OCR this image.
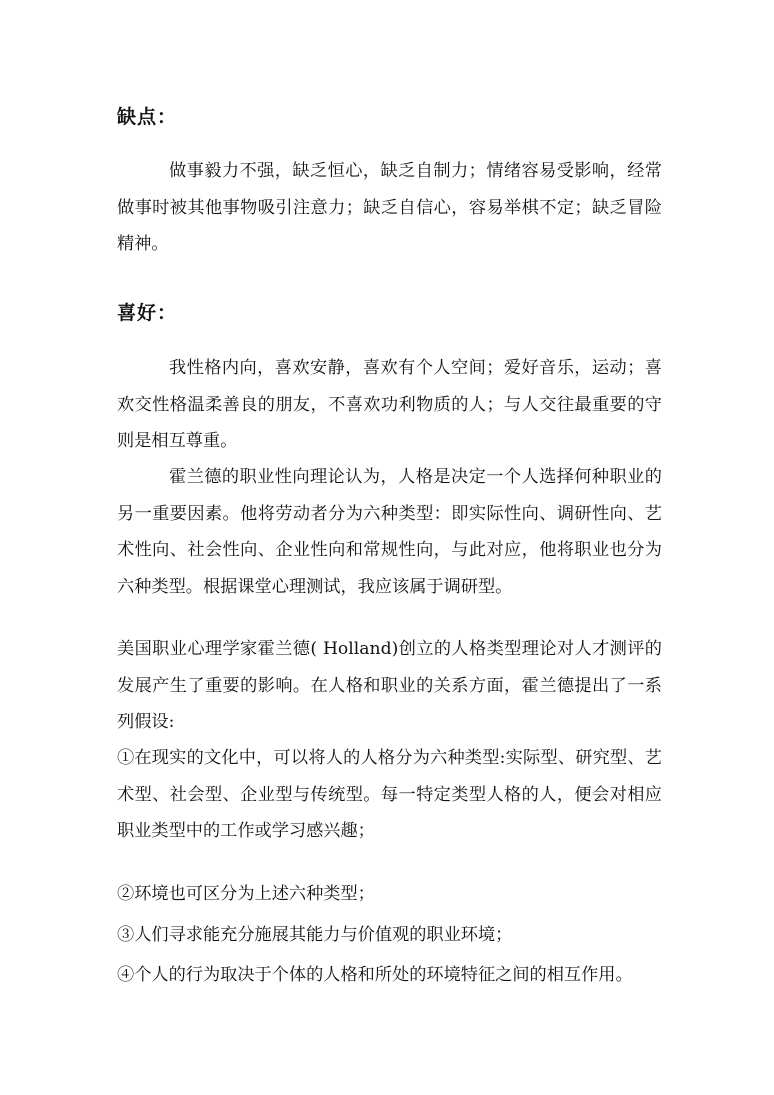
缺点：

做事毅力不强，缺乏恒心，缺乏自制力；情绪容易受影响，经常做事时被其他事物吸引注意力；缺乏自信心，容易举棋不定；缺乏冒险精神。

喜好：

我性格内向，喜欢安静，喜欢有个人空间；爱好音乐，运动；喜欢交性格温柔善良的朋友，不喜欢功利物质的人；与人交往最重要的守则是相互尊重。

霍兰德的职业性向理论认为，人格是决定一个人选择何种职业的另一重要因素。他将劳动者分为六种类型：即实际性向、调研性向、艺术性向、社会性向、企业性向和常规性向，与此对应，他将职业也分为六种类型。根据课堂心理测试，我应该属于调研型。

美国职业心理学家霍兰德( Holland)创立的人格类型理论对人才测评的发展产生了重要的影响。在人格和职业的关系方面，霍兰德提出了一系列假设:

①在现实的文化中，可以将人的人格分为六种类型:实际型、研究型、艺术型、社会型、企业型与传统型。每一特定类型人格的人，便会对相应职业类型中的工作或学习感兴趣；

②环境也可区分为上述六种类型；

③人们寻求能充分施展其能力与价值观的职业环境；

④个人的行为取决于个体的人格和所处的环境特征之间的相互作用。
